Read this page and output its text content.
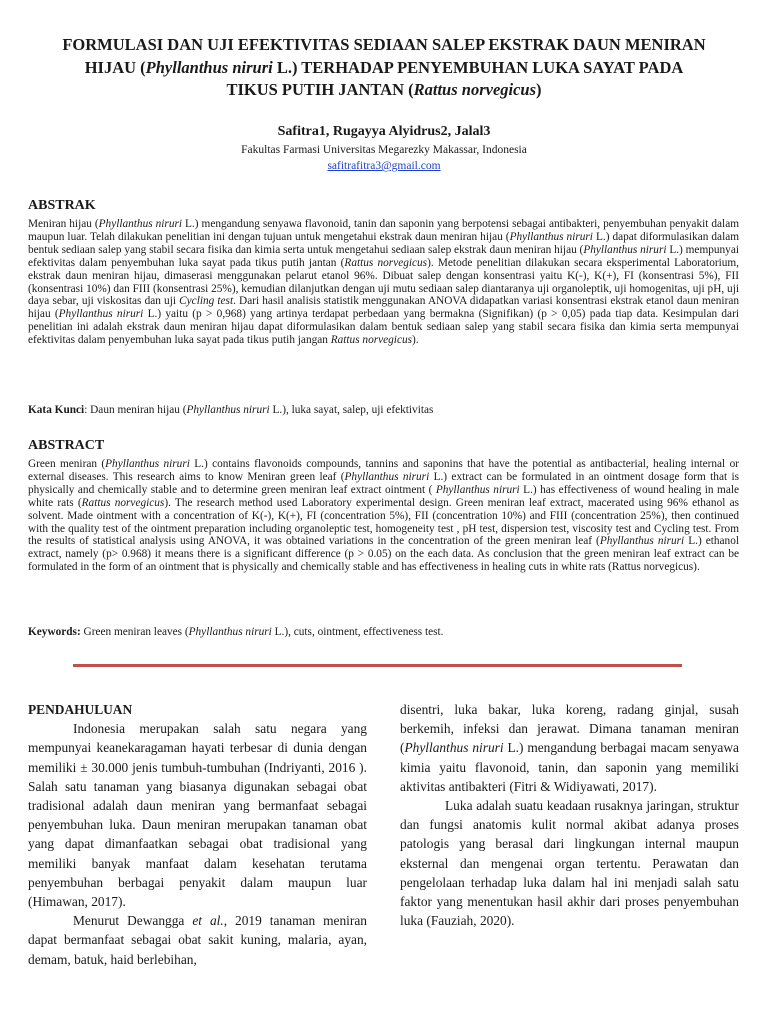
FORMULASI DAN UJI EFEKTIVITAS SEDIAAN SALEP EKSTRAK DAUN MENIRAN
HIJAU (Phyllanthus niruri L.) TERHADAP PENYEMBUHAN LUKA SAYAT PADA
TIKUS PUTIH JANTAN (Rattus norvegicus)
Safitra1, Rugayya Alyidrus2, Jalal3
Fakultas Farmasi Universitas Megarezky Makassar, Indonesia
safitrafitra3@gmail.com
ABSTRAK
Meniran hijau (Phyllanthus niruri L.) mengandung senyawa flavonoid, tanin dan saponin yang berpotensi sebagai antibakteri, penyembuhan penyakit dalam maupun luar. Telah dilakukan penelitian ini dengan tujuan untuk mengetahui ekstrak daun meniran hijau (Phyllanthus niruri L.) dapat diformulasikan dalam bentuk sediaan salep yang stabil secara fisika dan kimia serta untuk mengetahui sediaan salep ekstrak daun meniran hijau (Phyllanthus niruri L.) mempunyai efektivitas dalam penyembuhan luka sayat pada tikus putih jantan (Rattus norvegicus). Metode penelitian dilakukan secara eksperimental Laboratorium, ekstrak daun meniran hijau, dimaserasi menggunakan pelarut etanol 96%. Dibuat salep dengan konsentrasi yaitu K(-), K(+), FI (konsentrasi 5%), FII (konsentrasi 10%) dan FIII (konsentrasi 25%), kemudian dilanjutkan dengan uji mutu sediaan salep diantaranya uji organoleptik, uji homogenitas, uji pH, uji daya sebar, uji viskositas dan uji Cycling test. Dari hasil analisis statistik menggunakan ANOVA didapatkan variasi konsentrasi ekstrak etanol daun meniran hijau (Phyllanthus niruri L.) yaitu (p > 0,968) yang artinya terdapat perbedaan yang bermakna (Signifikan) (p > 0,05) pada tiap data. Kesimpulan dari penelitian ini adalah ekstrak daun meniran hijau dapat diformulasikan dalam bentuk sediaan salep yang stabil secara fisika dan kimia serta mempunyai efektivitas dalam penyembuhan luka sayat pada tikus putih jangan Rattus norvegicus).
Kata Kunci: Daun meniran hijau (Phyllanthus niruri L.), luka sayat, salep, uji efektivitas
ABSTRACT
Green meniran (Phyllanthus niruri L.) contains flavonoids compounds, tannins and saponins that have the potential as antibacterial, healing internal or external diseases. This research aims to know Meniran green leaf (Phyllanthus niruri L.) extract can be formulated in an ointment dosage form that is physically and chemically stable and to determine green meniran leaf extract ointment ( Phyllanthus niruri L.) has effectiveness of wound healing in male white rats (Rattus norvegicus). The research method used Laboratory experimental design. Green meniran leaf extract, macerated using 96% ethanol as solvent. Made ointment with a concentration of K(-), K(+), FI (concentration 5%), FII (concentration 10%) and FIII (concentration 25%), then continued with the quality test of the ointment preparation including organoleptic test, homogeneity test , pH test, dispersion test, viscosity test and Cycling test. From the results of statistical analysis using ANOVA, it was obtained variations in the concentration of the green meniran leaf (Phyllanthus niruri L.) ethanol extract, namely (p> 0.968) it means there is a significant difference (p > 0.05) on the each data. As conclusion that the green meniran leaf extract can be formulated in the form of an ointment that is physically and chemically stable and has effectiveness in healing cuts in white rats (Rattus norvegicus).
Keywords: Green meniran leaves (Phyllanthus niruri L.), cuts, ointment, effectiveness test.

PENDAHULUAN

Indonesia merupakan salah satu negara yang mempunyai keanekaragaman hayati terbesar di dunia dengan memiliki ± 30.000 jenis tumbuh-tumbuhan (Indriyanti, 2016 ). Salah satu tanaman yang biasanya digunakan sebagai obat tradisional adalah daun meniran yang bermanfaat sebagai penyembuhan luka. Daun meniran merupakan tanaman obat yang dapat dimanfaatkan sebagai obat tradisional yang memiliki banyak manfaat dalam kesehatan terutama penyembuhan berbagai penyakit dalam maupun luar (Himawan, 2017).

Menurut Dewangga et al., 2019 tanaman meniran dapat bermanfaat sebagai obat sakit kuning, malaria, ayan, demam, batuk, haid berlebihan,

disentri, luka bakar, luka koreng, radang ginjal, susah berkemih, infeksi dan jerawat. Dimana tanaman meniran (Phyllanthus niruri L.) mengandung berbagai macam senyawa kimia yaitu flavonoid, tanin, dan saponin yang memiliki aktivitas antibakteri (Fitri & Widiyawati, 2017).

Luka adalah suatu keadaan rusaknya jaringan, struktur dan fungsi anatomis kulit normal akibat adanya proses patologis yang berasal dari lingkungan internal maupun eksternal dan mengenai organ tertentu. Perawatan dan pengelolaan terhadap luka dalam hal ini menjadi salah satu faktor yang menentukan hasil akhir dari proses penyembuhan luka (Fauziah, 2020).
